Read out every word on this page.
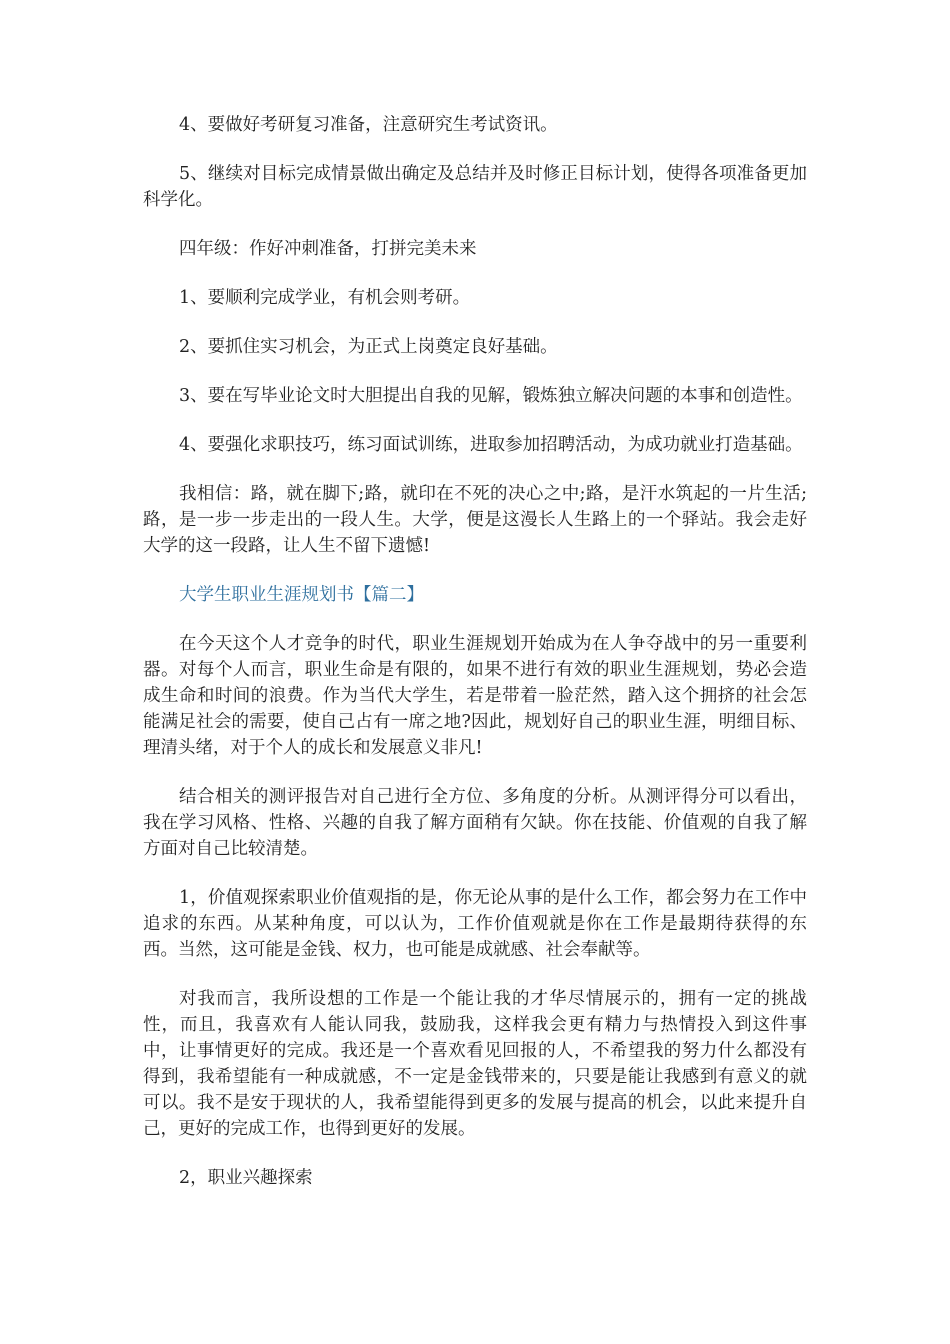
4、要做好考研复习准备，注意研究生考试资讯。

5、继续对目标完成情景做出确定及总结并及时修正目标计划，使得各项准备更加科学化。

四年级：作好冲刺准备，打拼完美未来

1、要顺利完成学业，有机会则考研。

2、要抓住实习机会，为正式上岗奠定良好基础。

3、要在写毕业论文时大胆提出自我的见解，锻炼独立解决问题的本事和创造性。

4、要强化求职技巧，练习面试训练，进取参加招聘活动，为成功就业打造基础。

我相信：路，就在脚下;路，就印在不死的决心之中;路，是汗水筑起的一片生活;路，是一步一步走出的一段人生。大学，便是这漫长人生路上的一个驿站。我会走好大学的这一段路，让人生不留下遗憾!

大学生职业生涯规划书【篇二】

在今天这个人才竞争的时代，职业生涯规划开始成为在人争夺战中的另一重要利器。对每个人而言，职业生命是有限的，如果不进行有效的职业生涯规划，势必会造成生命和时间的浪费。作为当代大学生，若是带着一脸茫然，踏入这个拥挤的社会怎能满足社会的需要，使自己占有一席之地?因此，规划好自己的职业生涯，明细目标、理清头绪，对于个人的成长和发展意义非凡!

结合相关的测评报告对自己进行全方位、多角度的分析。从测评得分可以看出，我在学习风格、性格、兴趣的自我了解方面稍有欠缺。你在技能、价值观的自我了解方面对自己比较清楚。

1，价值观探索职业价值观指的是，你无论从事的是什么工作，都会努力在工作中追求的东西。从某种角度，可以认为，工作价值观就是你在工作是最期待获得的东西。当然，这可能是金钱、权力，也可能是成就感、社会奉献等。

对我而言，我所设想的工作是一个能让我的才华尽情展示的，拥有一定的挑战性，而且，我喜欢有人能认同我，鼓励我，这样我会更有精力与热情投入到这件事中，让事情更好的完成。我还是一个喜欢看见回报的人，不希望我的努力什么都没有得到，我希望能有一种成就感，不一定是金钱带来的，只要是能让我感到有意义的就可以。我不是安于现状的人，我希望能得到更多的发展与提高的机会，以此来提升自己，更好的完成工作，也得到更好的发展。

2，职业兴趣探索
